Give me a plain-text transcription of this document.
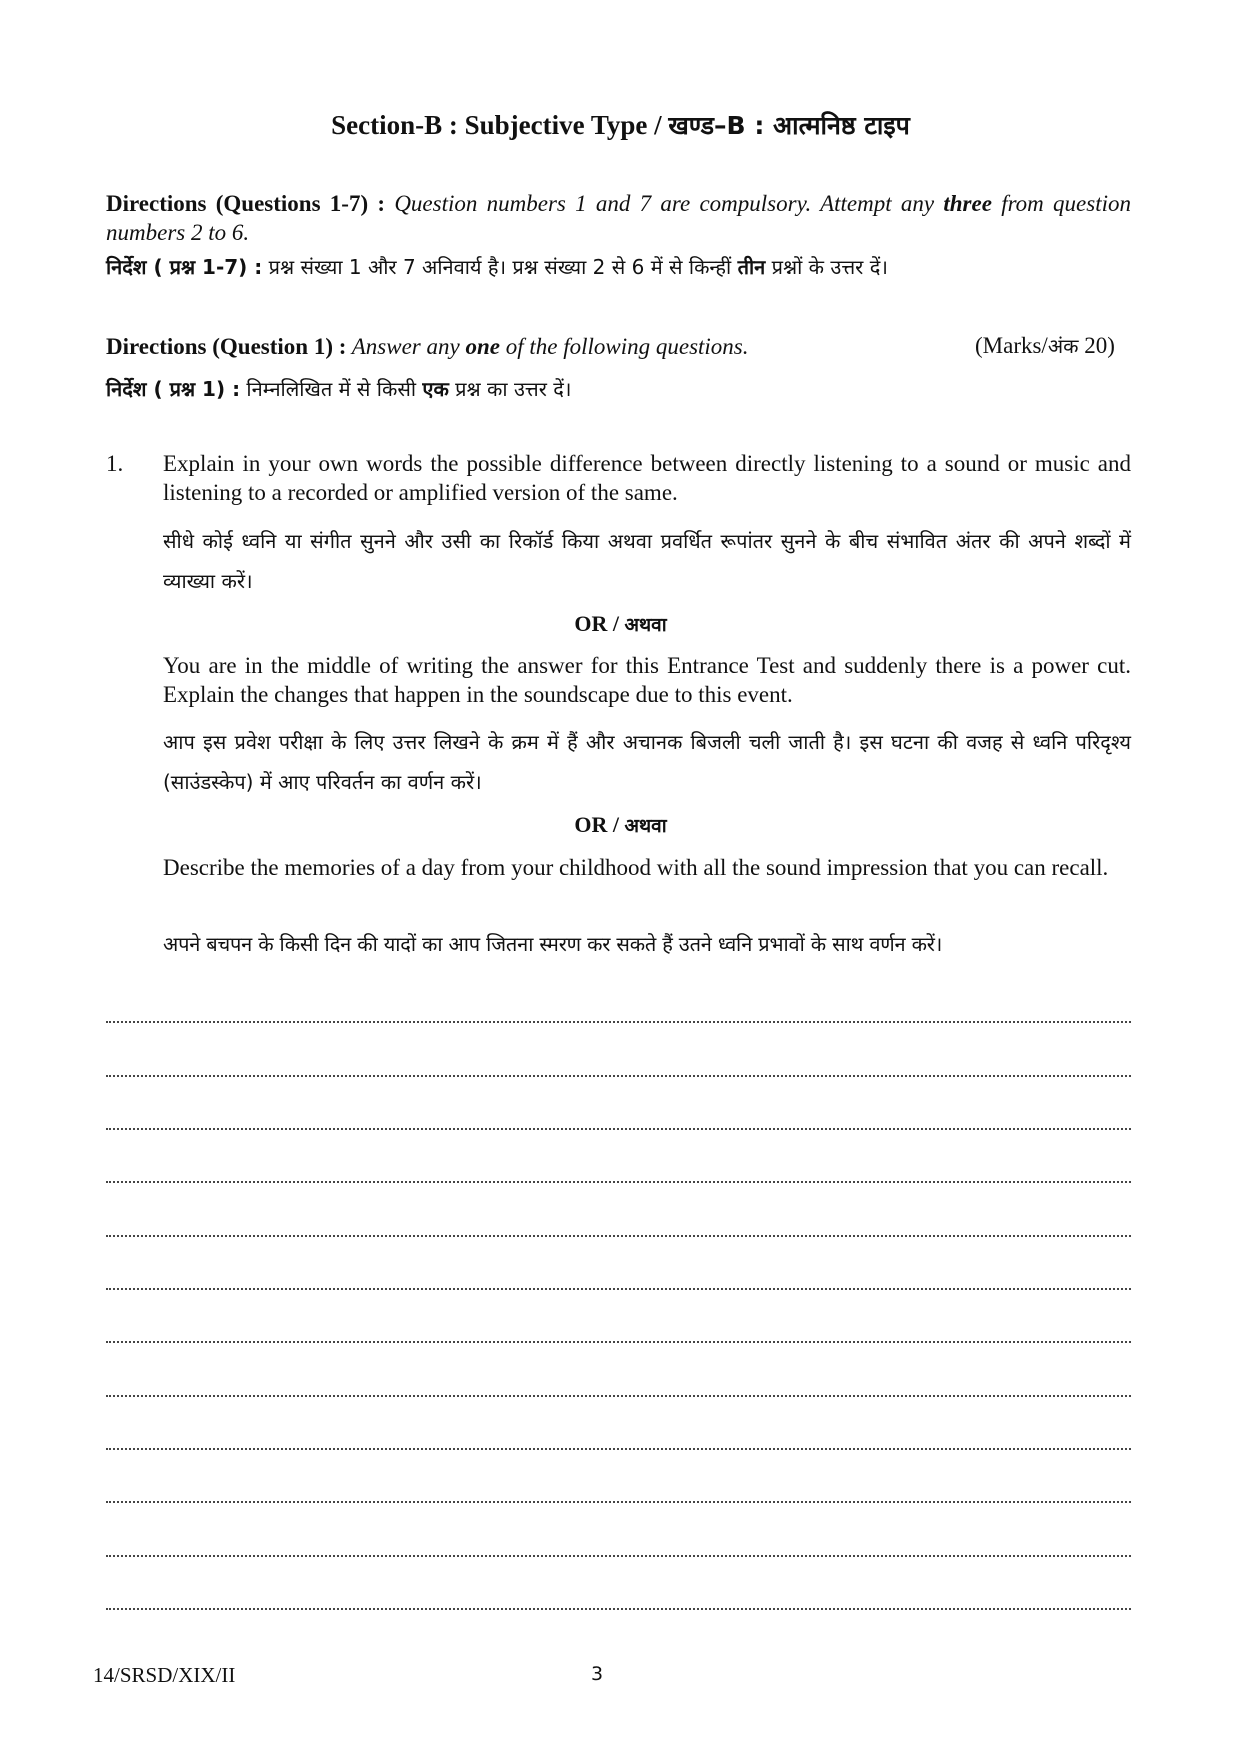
Section-B : Subjective Type / खण्ड–B : आत्मनिष्ठ टाइप
Directions (Questions 1-7) : Question numbers 1 and 7 are compulsory. Attempt any three from question numbers 2 to 6.
निर्देश ( प्रश्न 1-7) : प्रश्न संख्या 1 और 7 अनिवार्य है। प्रश्न संख्या 2 से 6 में से किन्हीं तीन प्रश्नों के उत्तर दें।
Directions (Question 1) : Answer any one of the following questions.	(Marks/अंक 20)
निर्देश ( प्रश्न 1) : निम्नलिखित में से किसी एक प्रश्न का उत्तर दें।
1. Explain in your own words the possible difference between directly listening to a sound or music and listening to a recorded or amplified version of the same.
सीधे कोई ध्वनि या संगीत सुनने और उसी का रिकॉर्ड किया अथवा प्रवर्धित रूपांतर सुनने के बीच संभावित अंतर की अपने शब्दों में व्याख्या करें।
OR / अथवा
You are in the middle of writing the answer for this Entrance Test and suddenly there is a power cut. Explain the changes that happen in the soundscape due to this event.
आप इस प्रवेश परीक्षा के लिए उत्तर लिखने के क्रम में हैं और अचानक बिजली चली जाती है। इस घटना की वजह से ध्वनि परिदृश्य (साउंडस्केप) में आए परिवर्तन का वर्णन करें।
OR / अथवा
Describe the memories of a day from your childhood with all the sound impression that you can recall.
अपने बचपन के किसी दिन की यादों का आप जितना स्मरण कर सकते हैं उतने ध्वनि प्रभावों के साथ वर्णन करें।
14/SRSD/XIX/II	3
